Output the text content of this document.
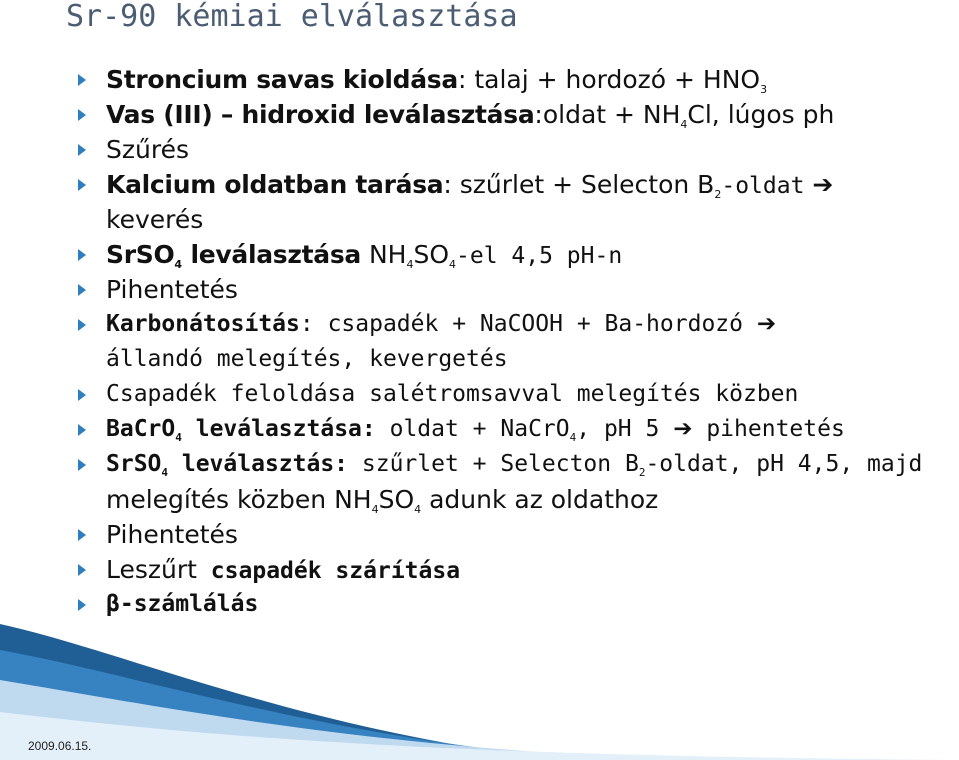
Sr-90 kémiai elválasztása
Stroncium savas kioldása: talaj + hordozó + $HNO_3$
Vas (III) – hidroxid leválasztása:oldat + $NH_4Cl$, lúgos ph
Szűrés
Kalcium oldatban tarása: szűrlet + Selecton $B_2$-oldat ➔
keverés
SrSO$_4$ leválasztása $NH_4SO_4-el$ 4,5 pH-n
Pihentetés
Karbonátosítás: csapadék + NaCOOH + Ba-hordozó ➔
állandó melegítés, kevergetés
Csapadék feloldása salétromsavval melegítés közben
BaCrO$_4$ leválasztása: oldat + NaCrO$_4$, pH 5 ➔ pihentetés
SrSO$_4$ leválasztás: szűrlet + Selecton $B_2$-oldat, pH 4,5, majd
melegítés közben $NH_4SO_4$ adunk az oldathoz
Pihentetés
Leszűrt csapadék szárítása
β-számlálás
2009.06.15.
